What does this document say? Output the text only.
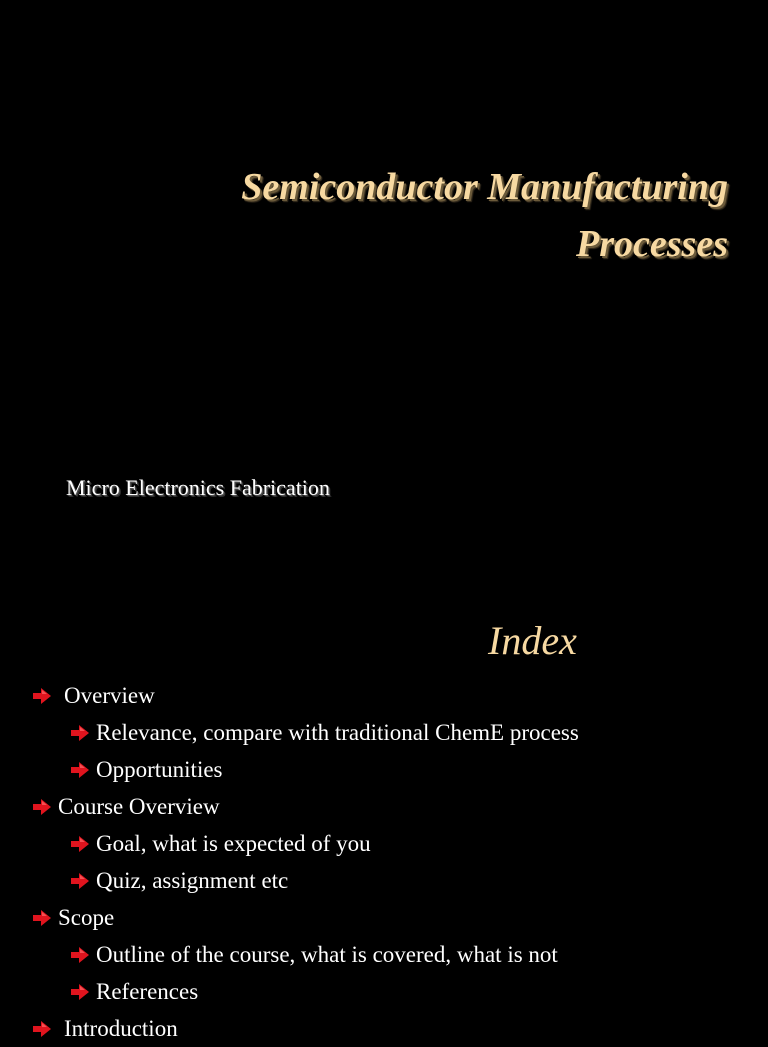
Semiconductor Manufacturing
Processes
Micro Electronics Fabrication
Index
Overview
Relevance, compare with traditional ChemE process
Opportunities
Course Overview
Goal, what is expected of you
Quiz, assignment etc
Scope
Outline of the course, what is covered, what is not
References
Introduction
